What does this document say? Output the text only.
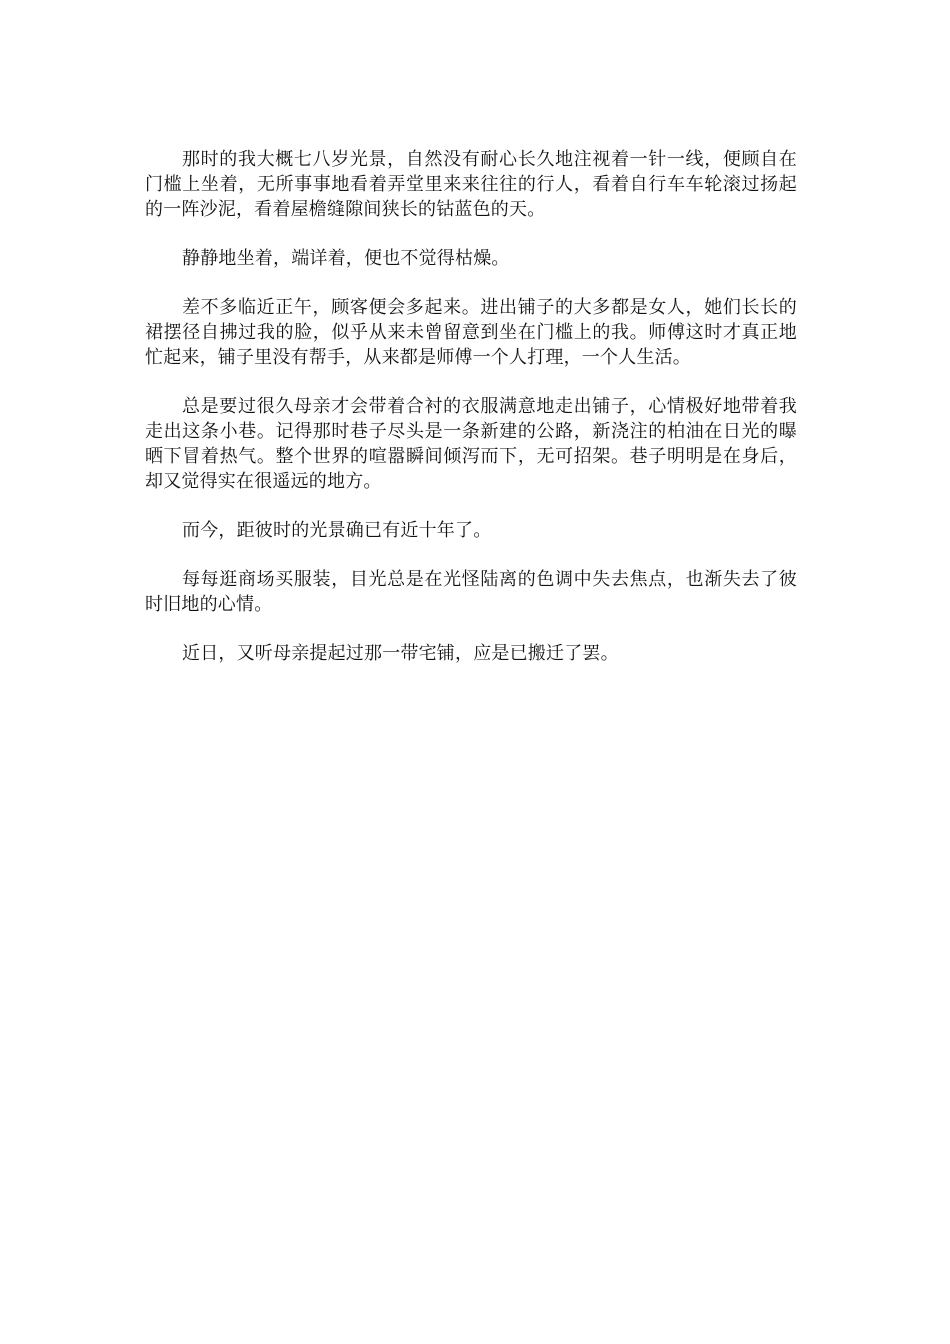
那时的我大概七八岁光景，自然没有耐心长久地注视着一针一线，便顾自在门槛上坐着，无所事事地看着弄堂里来来往往的行人，看着自行车车轮滚过扬起的一阵沙泥，看着屋檐缝隙间狭长的钴蓝色的天。

静静地坐着，端详着，便也不觉得枯燥。

差不多临近正午，顾客便会多起来。进出铺子的大多都是女人，她们长长的裙摆径自拂过我的脸，似乎从来未曾留意到坐在门槛上的我。师傅这时才真正地忙起来，铺子里没有帮手，从来都是师傅一个人打理，一个人生活。

总是要过很久母亲才会带着合衬的衣服满意地走出铺子，心情极好地带着我走出这条小巷。记得那时巷子尽头是一条新建的公路，新浇注的柏油在日光的曝晒下冒着热气。整个世界的喧嚣瞬间倾泻而下，无可招架。巷子明明是在身后，却又觉得实在很遥远的地方。

而今，距彼时的光景确已有近十年了。

每每逛商场买服装，目光总是在光怪陆离的色调中失去焦点，也渐失去了彼时旧地的心情。

近日，又听母亲提起过那一带宅铺，应是已搬迁了罢。
